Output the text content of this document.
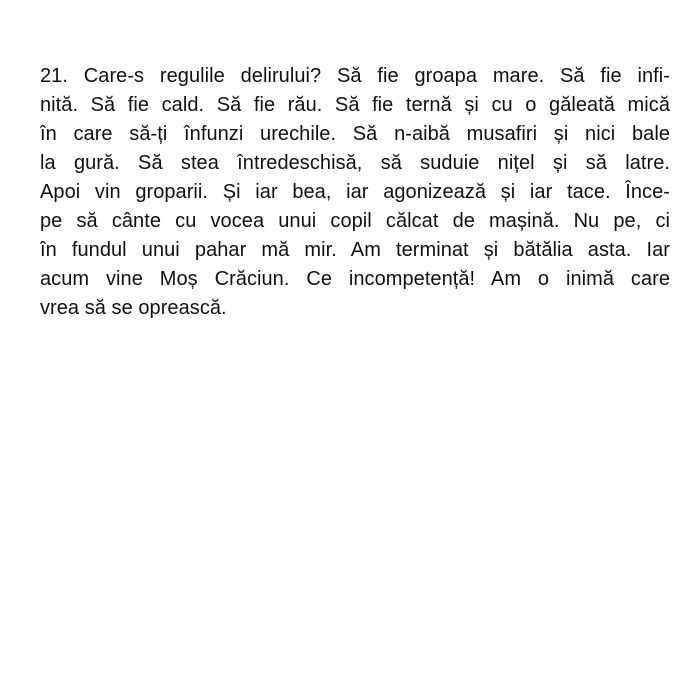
21. Care-s regulile delirului? Să fie groapa mare. Să fie infi-
nită. Să fie cald. Să fie rău. Să fie ternă și cu o găleată mică
în care să-ți înfunzi urechile. Să n-aibă musafiri și nici bale
la gură. Să stea întredeschisă, să suduie nițel și să latre.
Apoi vin groparii. Și iar bea, iar agonizează și iar tace. Înce-
pe să cânte cu vocea unui copil călcat de mașină. Nu pe, ci
în fundul unui pahar mă mir. Am terminat și bătălia asta. Iar
acum vine Moș Crăciun. Ce incompetență! Am o inimă care
vrea să se oprească.
